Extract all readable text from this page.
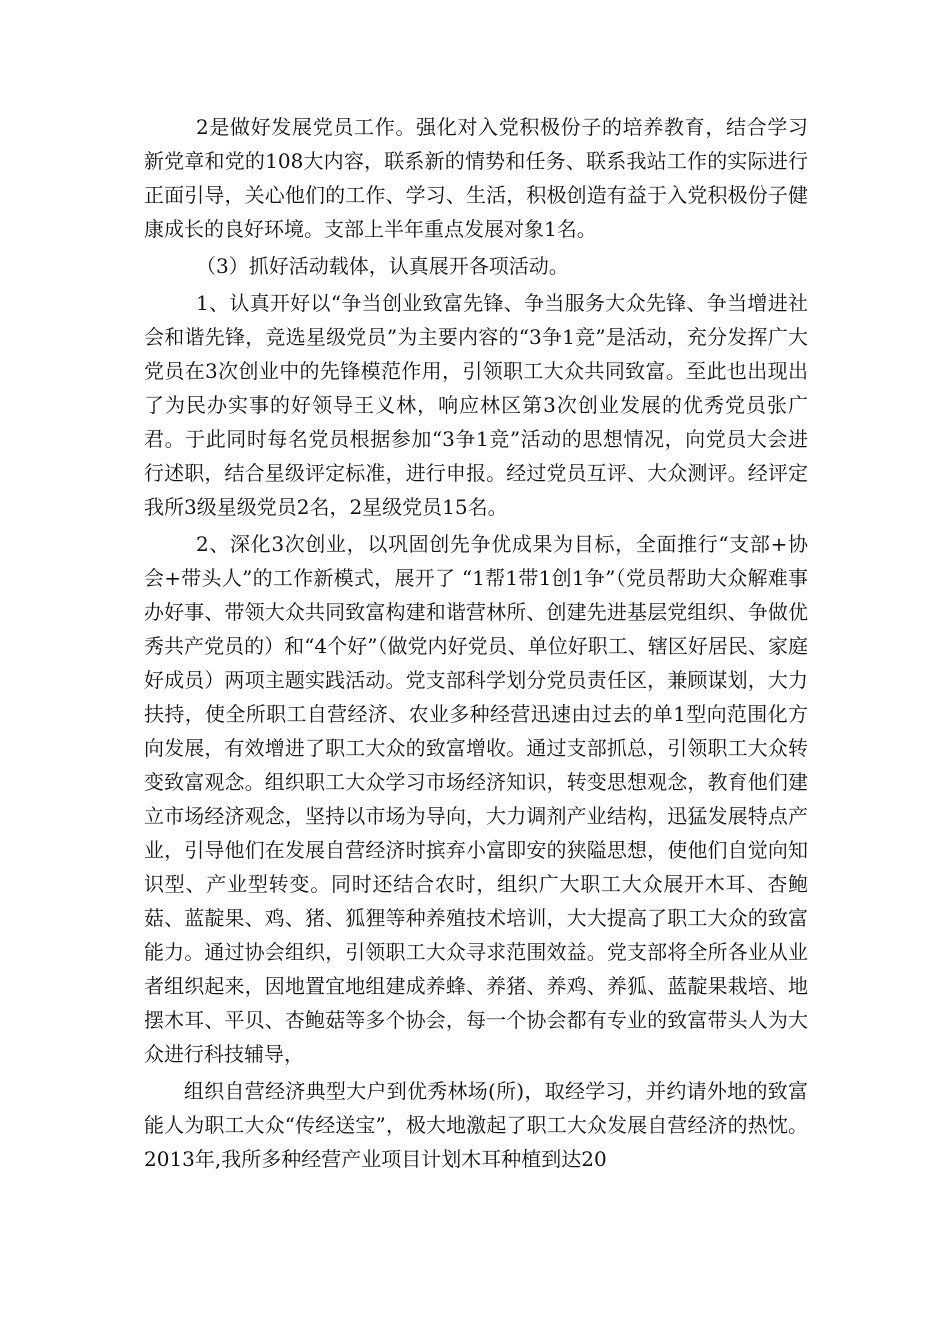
2是做好发展党员工作。强化对入党积极份子的培养教育，结合学习新党章和党的108大内容，联系新的情势和任务、联系我站工作的实际进行正面引导，关心他们的工作、学习、生活，积极创造有益于入党积极份子健康成长的良好环境。支部上半年重点发展对象1名。

（3）抓好活动载体，认真展开各项活动。

1、认真开好以“争当创业致富先锋、争当服务大众先锋、争当增进社会和谐先锋，竞选星级党员”为主要内容的“3争1竞”是活动，充分发挥广大党员在3次创业中的先锋模范作用，引领职工大众共同致富。至此也出现出了为民办实事的好领导王义林，响应林区第3次创业发展的优秀党员张广君。于此同时每名党员根据参加“3争1竞”活动的思想情况，向党员大会进行述职，结合星级评定标准，进行申报。经过党员互评、大众测评。经评定我所3级星级党员2名，2星级党员15名。

2、深化3次创业，以巩固创先争优成果为目标，全面推行“支部+协会+带头人”的工作新模式，展开了 “1帮1带1创1争”（党员帮助大众解难事办好事、带领大众共同致富构建和谐营林所、创建先进基层党组织、争做优秀共产党员的）和“4个好”（做党内好党员、单位好职工、辖区好居民、家庭好成员）两项主题实践活动。党支部科学划分党员责任区，兼顾谋划，大力扶持，使全所职工自营经济、农业多种经营迅速由过去的单1型向范围化方向发展，有效增进了职工大众的致富增收。通过支部抓总，引领职工大众转变致富观念。组织职工大众学习市场经济知识，转变思想观念，教育他们建立市场经济观念，坚持以市场为导向，大力调剂产业结构，迅猛发展特点产业，引导他们在发展自营经济时摈弃小富即安的狭隘思想，使他们自觉向知识型、产业型转变。同时还结合农时，组织广大职工大众展开木耳、杏鲍菇、蓝靛果、鸡、猪、狐狸等种养殖技术培训，大大提高了职工大众的致富能力。通过协会组织，引领职工大众寻求范围效益。党支部将全所各业从业者组织起来，因地置宜地组建成养蜂、养猪、养鸡、养狐、蓝靛果栽培、地摆木耳、平贝、杏鲍菇等多个协会，每一个协会都有专业的致富带头人为大众进行科技辅导，

组织自营经济典型大户到优秀林场(所)，取经学习，并约请外地的致富能人为职工大众“传经送宝”，极大地激起了职工大众发展自营经济的热忱。2013年,我所多种经营产业项目计划木耳种植到达20
